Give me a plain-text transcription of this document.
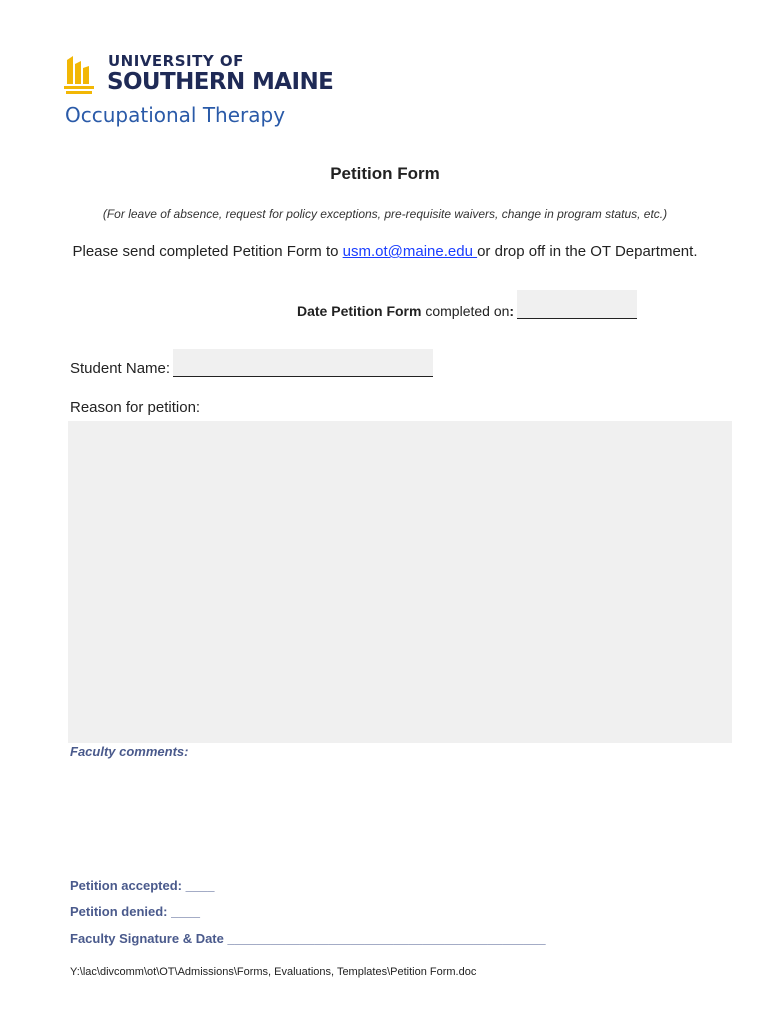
UNIVERSITY OF
SOUTHERN MAINE
Occupational Therapy
Petition Form
(For leave of absence, request for policy exceptions, pre-requisite waivers, change in program status, etc.)
Please send completed Petition Form to usm.ot@maine.edu or drop off in the OT Department.
Date Petition Form completed on:
Student Name:
Reason for petition:
Faculty comments:
Petition accepted: ____
Petition denied: ____
Faculty Signature & Date ____________________________________________
Y:\lac\divcomm\ot\OT\Admissions\Forms, Evaluations, Templates\Petition Form.doc
